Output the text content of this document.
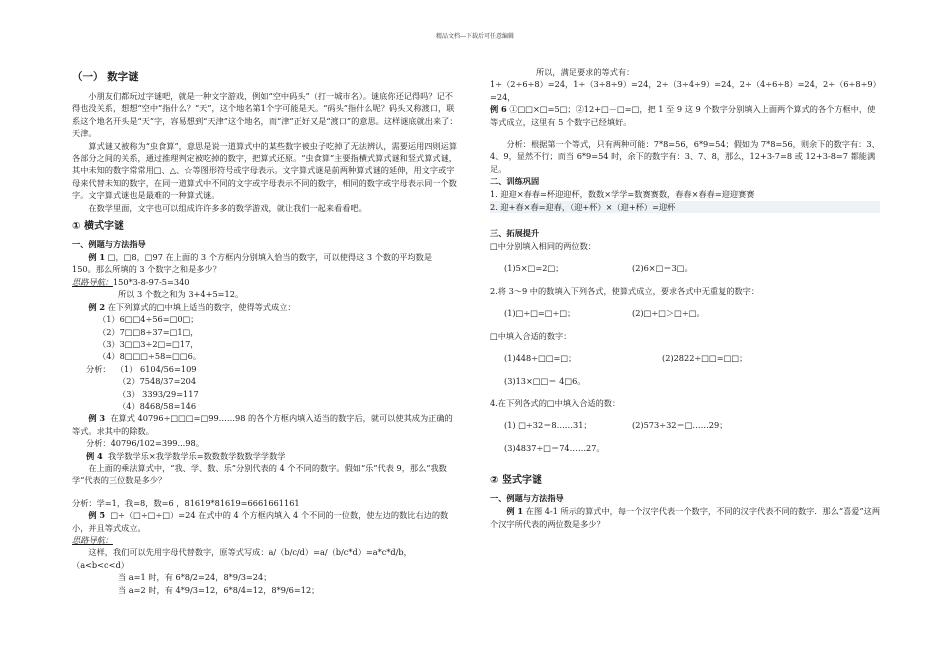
精品文档---下载后可任意编辑
（一） 数字谜

小朋友们都玩过字谜吧，就是一种文字游戏，例如“空中码头”（打一城市名）。谜底你还记得吗？记不得也没关系，想想“空中”指什么？“天”，这个地名第1个字可能是天。“码头”指什么呢？码头又称渡口，联系这个地名开头是“天”字，容易想到“天津”这个地名，而“津”正好又是“渡口”的意思。这样谜底就出来了：天津。

算式谜又被称为“虫食算”，意思是说一道算式中的某些数字被虫子吃掉了无法辨认，需要运用四则运算各部分之间的关系，通过推理判定被吃掉的数字，把算式还原。“虫食算”主要指横式算式谜和竖式算式谜，其中未知的数字常常用□、△、☆等图形符号或字母表示。文字算式谜是前两种算式谜的延伸，用文字或字母来代替未知的数字，在同一道算式中不同的文字或字母表示不同的数字，相同的数字或字母表示同一个数字。文字算式谜也是最难的一种算式谜。

在数学里面，文字也可以组成许许多多的数学游戏，就让我们一起来看看吧。

① 横式字谜
一、例题与方法指导

例 1 □，□8，□97 在上面的 3 个方框内分别填入恰当的数字，可以使得这 3 个数的平均数是 150。那么所填的 3 个数字之和是多少？

思路导航：150*3-8-97-5=340

所以 3 个数之和为 3+4+5=12。

例 2 在下列算式的□中填上适当的数字，使得等式成立：

（1）6□□4÷56=□0□；

（2）7□□8÷37=□1□，

（3）3□□3÷2□=□17，

（4）8□□□÷58=□□6。

分析： （1） 6104/56=109

（2）7548/37=204

（3） 3393/29=117

（4）8468/58=146

例 3 在算式 40796÷□□□=□99……98 的各个方框内填入适当的数字后，就可以使其成为正确的等式。求其中的除数。

分析：40796/102=399...98。

例 4 我学数学乐×我学数学乐=数数数学数数学学数学

在上面的乘法算式中，“我、学、数、乐”分别代表的 4 个不同的数字。假如“乐”代表 9，那么“我数学”代表的三位数是多少？

分析：学=1，我=8，数=6 ，81619*81619=6661661161

例 5 □÷（□÷□÷□）=24 在式中的 4 个方框内填入 4 个不同的一位数，使左边的数比右边的数小，并且等式成立。

思路导航：

这样，我们可以先用字母代替数字，原等式写成：a/（b/c/d）=a/（b/c*d）=a*c*d/b，（a<b<c<d）

当 a=1 时，有 6*8/2=24，8*9/3=24；

当 a=2 时，有 4*9/3=12，6*8/4=12，8*9/6=12；

所以，满足要求的等式有：

1÷（2÷6÷8）=24，1÷（3÷8÷9）=24，2÷（3÷4÷9）=24，2÷（4÷6÷8）=24，2÷（6÷8÷9）=24，

例 6 ①□□×□=5□；②12+□－□=□，把 1 至 9 这 9 个数字分别填入上面两个算式的各个方框中，使等式成立，这里有 5 个数字已经填好。

分析：根据第一个等式，只有两种可能：7*8=56，6*9=54；假如为 7*8=56，则余下的数字有：3、4、9，显然不行；而当 6*9=54 时，余下的数字有：3、7、8，那么，12+3-7=8 或 12+3-8=7 都能满足。

二、训练巩固

1. 迎迎×春春=杯迎迎杯，数数×学学=数赛赛数，春春×春春=迎迎赛赛

2. 迎+春×春=迎春，（迎+杯）×（迎+杯）=迎杯

三、拓展提升

□中分别填入相同的两位数：

(1)5×□=2□；	(2)6×□＝3□。

2.将 3～9 中的数填入下列各式，使算式成立，要求各式中无重复的数字：

(1)□÷□=□÷□；	(2)□÷□＞□÷□。

□中填入合适的数字：

(1)448÷□□=□；	(2)2822÷□□=□□；

(3)13×□□＝ 4□6。

4.在下列各式的□中填入合适的数：

(1) □÷32＝8……31；	(2)573÷32＝□……29；

(3)4837÷□＝74……27。

② 竖式字谜
一、例题与方法指导

例 1 在图 4-1 所示的算式中，每一个汉字代表一个数字，不同的汉字代表不同的数字．那么“喜爱”这两个汉字所代表的两位数是多少？
